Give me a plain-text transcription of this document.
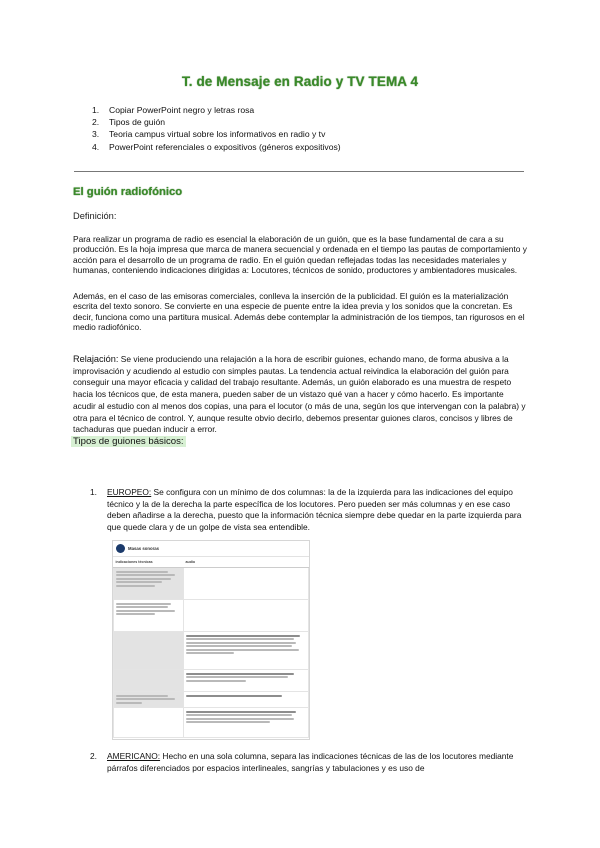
T. de Mensaje en Radio y TV TEMA 4
1.	Copiar PowerPoint negro y letras rosa
2.	Tipos de guión
3.	Teoria campus virtual sobre los informativos en radio y tv
4.	PowerPoint referenciales o expositivos (géneros expositivos)
El guión radiofónico
Definición:

Para realizar un programa de radio es esencial la elaboración de un guión, que es la base fundamental de cara a su producción. Es la hoja impresa que marca de manera secuencial y ordenada en el tiempo las pautas de comportamiento y acción para el desarrollo de un programa de radio. En el guión quedan reflejadas todas las necesidades materiales y humanas, conteniendo indicaciones dirigidas a: Locutores, técnicos de sonido, productores y ambientadores musicales.

Además, en el caso de las emisoras comerciales, conlleva la inserción de la publicidad. El guión es la materialización escrita del texto sonoro. Se convierte en una especie de puente entre la idea previa y los sonidos que la concretan. Es decir, funciona como una partitura musical. Además debe contemplar la administración de los tiempos, tan rigurosos en el medio radiofónico.

Relajación: Se viene produciendo una relajación a la hora de escribir guiones, echando mano, de forma abusiva a la improvisación y acudiendo al estudio con simples pautas. La tendencia actual reivindica la elaboración del guión para conseguir una mayor eficacia y calidad del trabajo resultante. Además, un guión elaborado es una muestra de respeto hacia los técnicos que, de esta manera, pueden saber de un vistazo qué van a hacer y cómo hacerlo. Es importante acudir al estudio con al menos dos copias, una para el locutor (o más de una, según los que intervengan con la palabra) y otra para el técnico de control. Y, aunque resulte obvio decirlo, debemos presentar guiones claros, concisos y libres de tachaduras que puedan inducir a error.

Tipos de guiones básicos:
1.	EUROPEO: Se configura con un mínimo de dos columnas: la de la izquierda para las indicaciones del equipo técnico y la de la derecha la parte específica de los locutores. Pero pueden ser más columnas y en ese caso deben añadirse a la derecha, puesto que la información técnica siempre debe quedar en la parte izquierda para que quede clara y de un golpe de vista sea entendible.
Masas sonoras
indicaciones técnicas	audio

2.	AMERICANO: Hecho en una sola columna, separa las indicaciones técnicas de las de los locutores mediante párrafos diferenciados por espacios interlineales, sangrías y tabulaciones y es uso de
